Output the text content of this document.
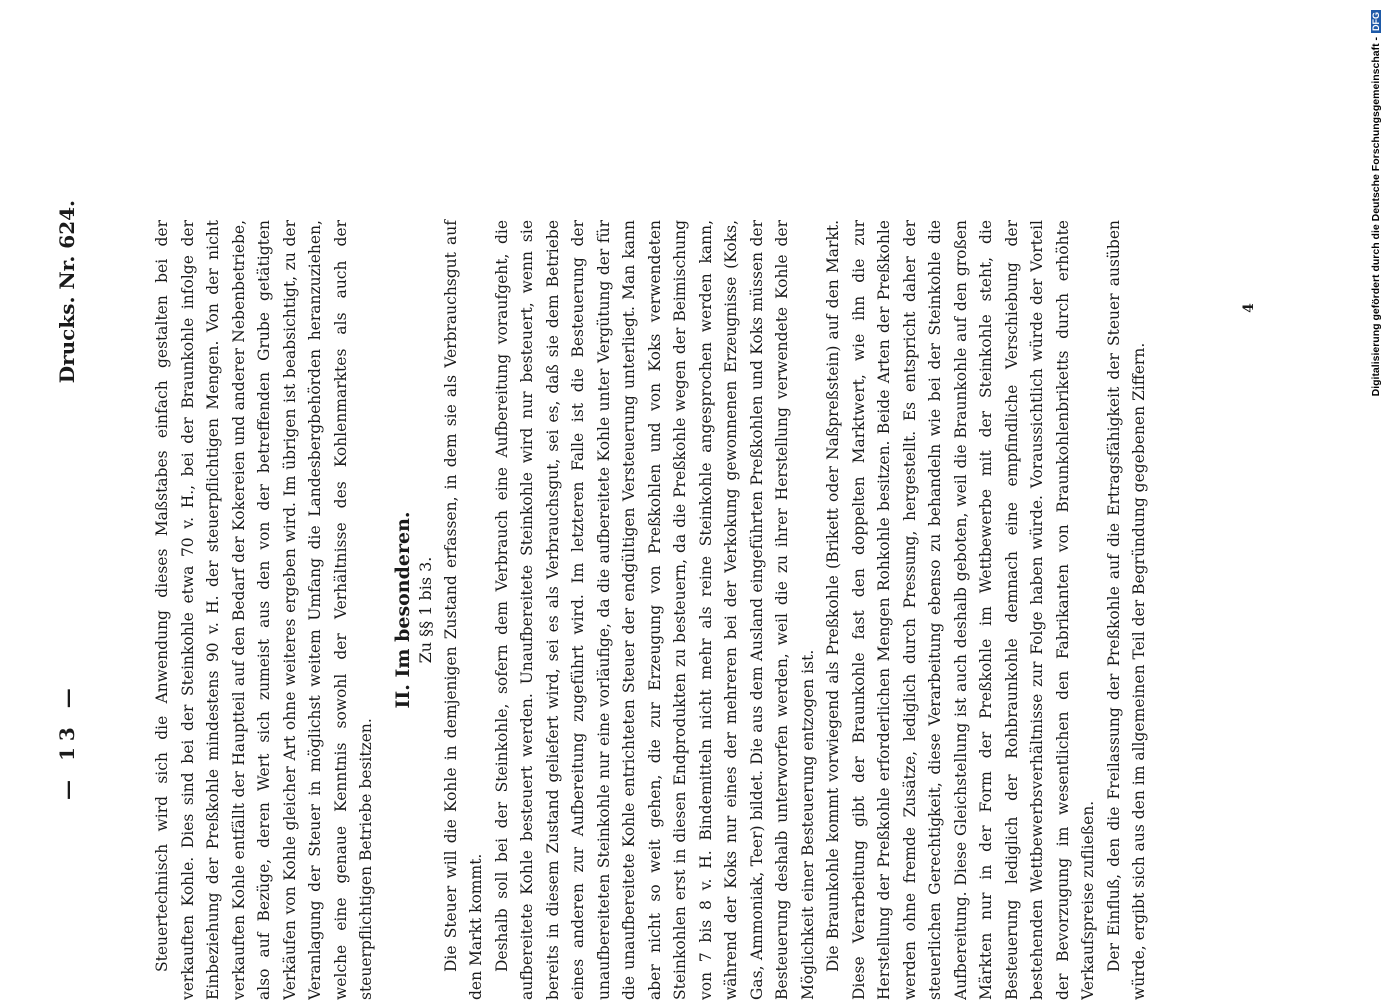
— 13 —
Drucks. Nr. 624.	Steuertechnisch wird sich die Anwendung dieses Maßstabes einfach gestalten bei der verkauften Kohle. Dies sind bei der Steinkohle etwa 70 v. H., bei der Braunkohle infolge der Einbeziehung der Preßkohle mindestens 90 v. H. der steuerpflichtigen Mengen. Von der nicht verkauften Kohle entfällt der Hauptteil auf den Bedarf der Kokereien und anderer Nebenbetriebe, also auf Bezüge, deren Wert sich zumeist aus den von der betreffenden Grube getätigten Verkäufen von Kohle gleicher Art ohne weiteres ergeben wird. Im übrigen ist beabsichtigt, zu der Veranlagung der Steuer in möglichst weitem Umfang die Landesbergbehörden heranzuziehen, welche eine genaue Kenntnis sowohl der Verhältnisse des Kohlenmarktes als auch der steuerpflichtigen Betriebe besitzen.

II. Im besonderen. Zu §§ 1 bis 3. Die Steuer will die Kohle in demjenigen Zustand erfassen, in dem sie als Verbrauchsgut auf den Markt kommt. Deshalb soll bei der Steinkohle, sofern dem Verbrauch eine Aufbereitung voraufgeht, die aufbereitete Kohle besteuert werden. Unaufbereitete Steinkohle wird nur besteuert, wenn sie bereits in diesem Zustand geliefert wird, sei es als Verbrauchsgut, sei es, daß sie dem Betriebe eines anderen zur Aufbereitung zugeführt wird. Im letzteren Falle ist die Besteuerung der unaufbereiteten Steinkohle nur eine vorläufige, da die aufbereitete Kohle unter Vergütung der für die unaufbereitete Kohle entrichteten Steuer der endgültigen Versteuerung unterliegt. Man kann aber nicht so weit gehen, die zur Erzeugung von Preßkohlen und von Koks verwendeten Steinkohlen erst in diesen Endprodukten zu besteuern, da die Preßkohle wegen der Beimischung von 7 bis 8 v. H. Bindemitteln nicht mehr als reine Steinkohle angesprochen werden kann, während der Koks nur eines der mehreren bei der Verkokung gewonnenen Erzeugnisse (Koks, Gas, Ammoniak, Teer) bildet. Die aus dem Ausland eingeführten Preßkohlen und Koks müssen der Besteuerung deshalb unterworfen werden, weil die zu ihrer Herstellung verwendete Kohle der Möglichkeit einer Besteuerung entzogen ist. Die Braunkohle kommt vorwiegend als Preßkohle (Brikett oder Naßpreßstein) auf den Markt. Diese Verarbeitung gibt der Braunkohle fast den doppelten Marktwert, wie ihn die zur Herstellung der Preßkohle erforderlichen Mengen Rohkohle besitzen. Beide Arten der Preßkohle werden ohne fremde Zusätze, lediglich durch Pressung, hergestellt. Es entspricht daher der steuerlichen Gerechtigkeit, diese Verarbeitung ebenso zu behandeln wie bei der Steinkohle die Aufbereitung. Diese Gleichstellung ist auch deshalb geboten, weil die Braunkohle auf den großen Märkten nur in der Form der Preßkohle im Wettbewerbe mit der Steinkohle steht, die Besteuerung lediglich der Rohbraunkohle demnach eine empfindliche Verschiebung der bestehenden Wettbewerbsverhältnisse zur Folge haben würde. Voraussichtlich würde der Vorteil der Bevorzugung im wesentlichen den Fabrikanten von Braunkohlenbriketts durch erhöhte Verkaufspreise zufließen. Der Einfluß, den die Freilassung der Preßkohle auf die Ertragsfähigkeit der Steuer ausüben würde, ergibt sich aus den im allgemeinen Teil der Begründung gegebenen Ziffern.

4	Digitalisierung gefördert durch die Deutsche Forschungsgemeinschaft -DFG
